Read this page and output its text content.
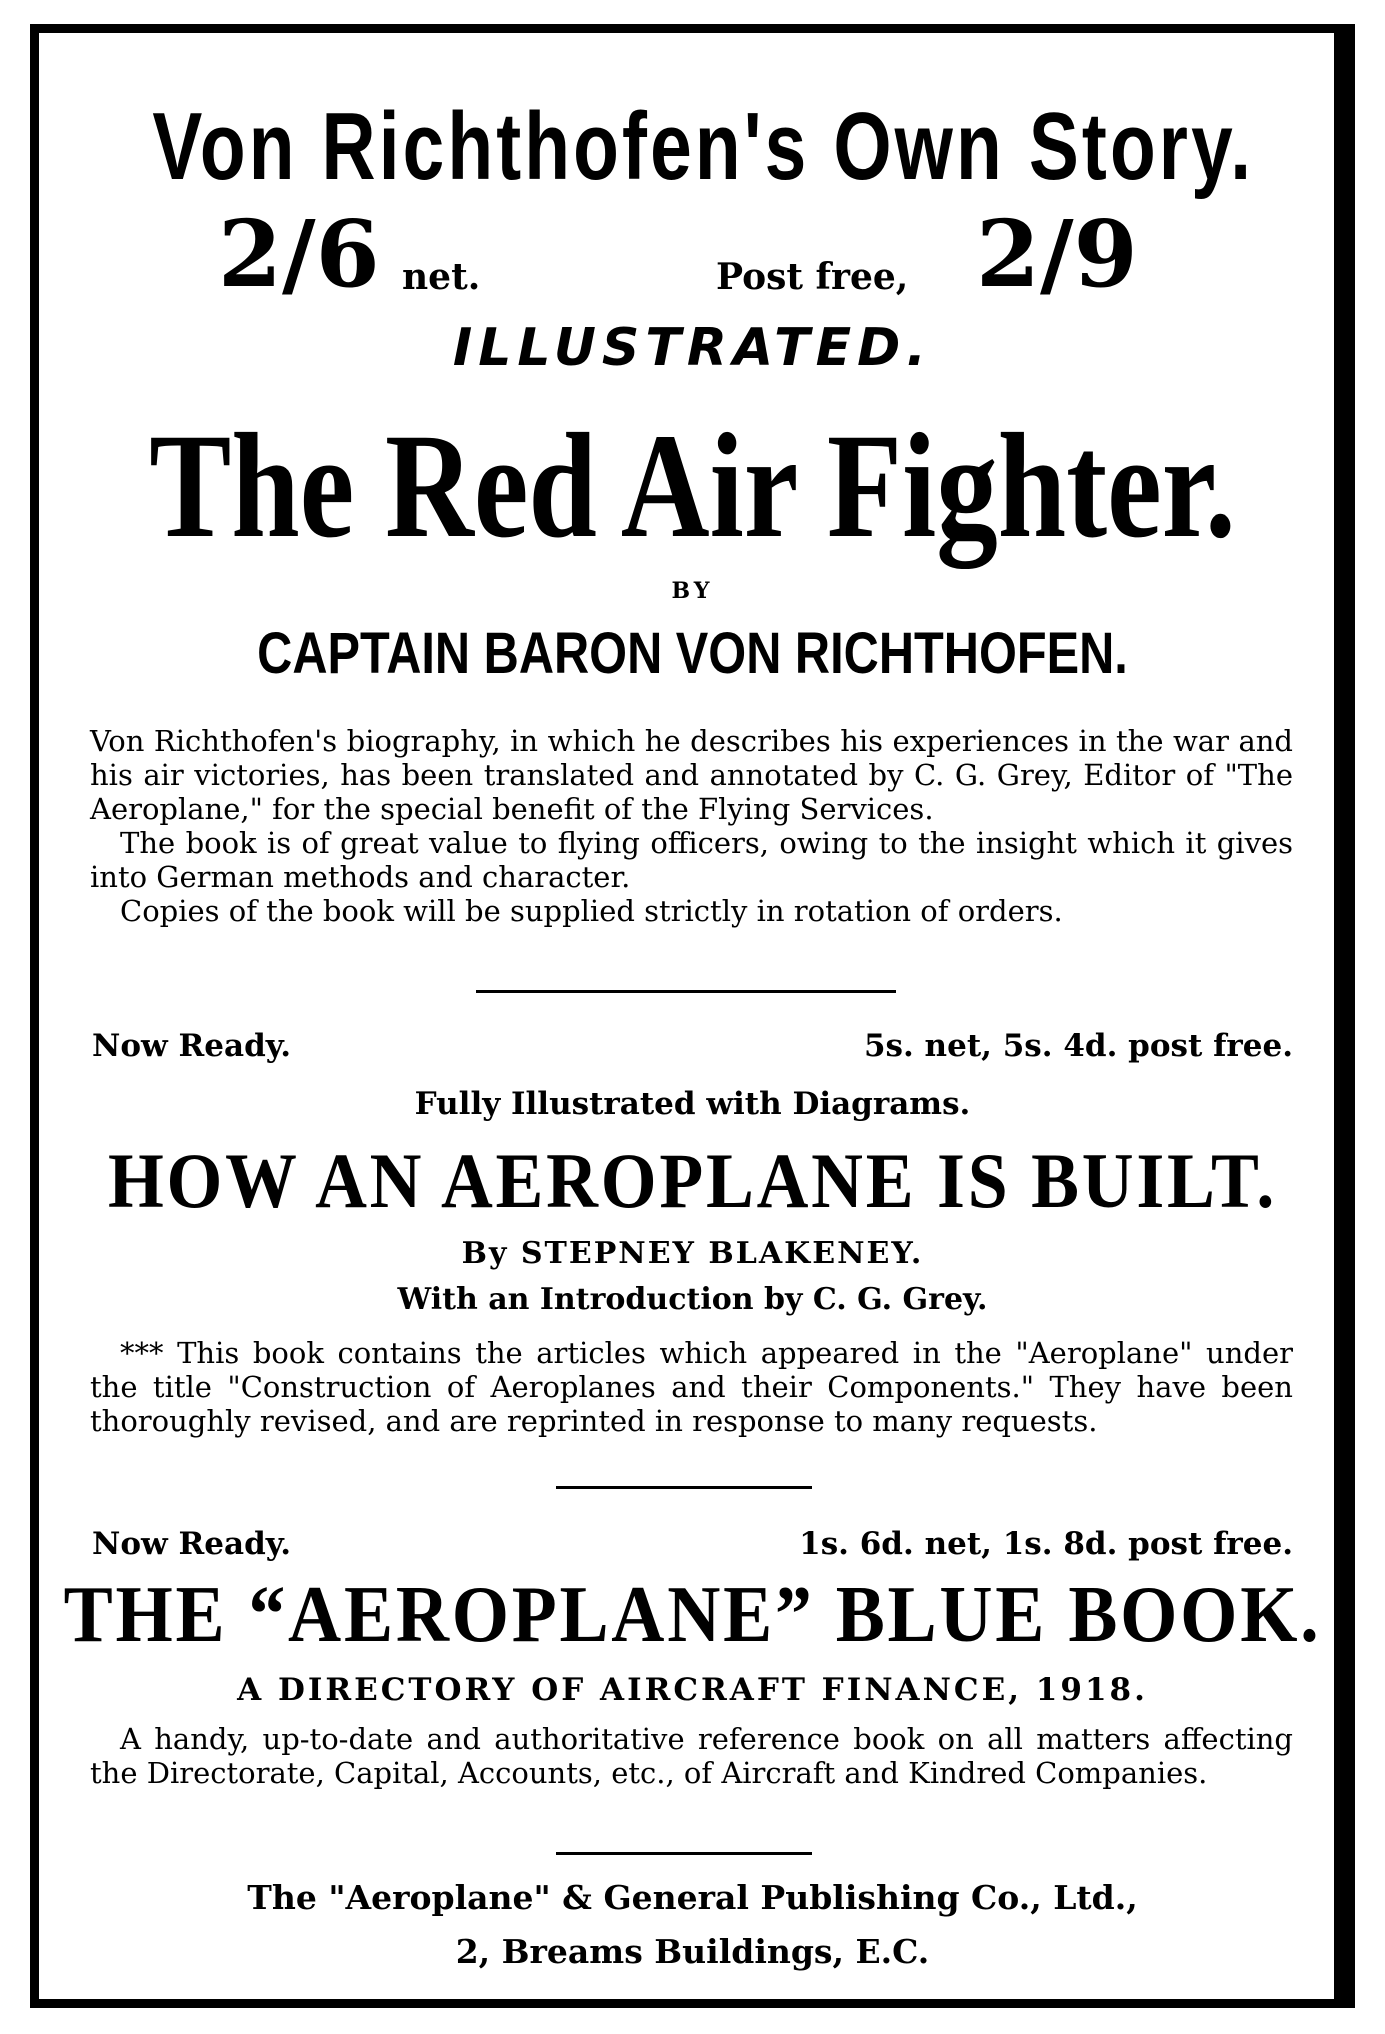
Von Richthofen's Own Story.
2/6 net.	Post free, 2/9
ILLUSTRATED.
The Red Air Fighter.
BY
CAPTAIN BARON VON RICHTHOFEN.

Von Richthofen's biography, in which he describes his experiences in the war and his air victories, has been translated and annotated by C. G. Grey, Editor of "The Aeroplane," for the special benefit of the Flying Services.

The book is of great value to flying officers, owing to the insight which it gives into German methods and character.

Copies of the book will be supplied strictly in rotation of orders.

Now Ready.	5s. net, 5s. 4d. post free.
Fully Illustrated with Diagrams.
HOW AN AEROPLANE IS BUILT.
By STEPNEY BLAKENEY.
With an Introduction by C. G. Grey.

*** This book contains the articles which appeared in the "Aeroplane" under the title "Construction of Aeroplanes and their Components." They have been thoroughly revised, and are reprinted in response to many requests.

Now Ready.	1s. 6d. net, 1s. 8d. post free.
THE “AEROPLANE” BLUE BOOK.
A DIRECTORY OF AIRCRAFT FINANCE, 1918.

A handy, up-to-date and authoritative reference book on all matters affecting the Directorate, Capital, Accounts, etc., of Aircraft and Kindred Companies.

The "Aeroplane" & General Publishing Co., Ltd.,
2, Breams Buildings, E.C.
